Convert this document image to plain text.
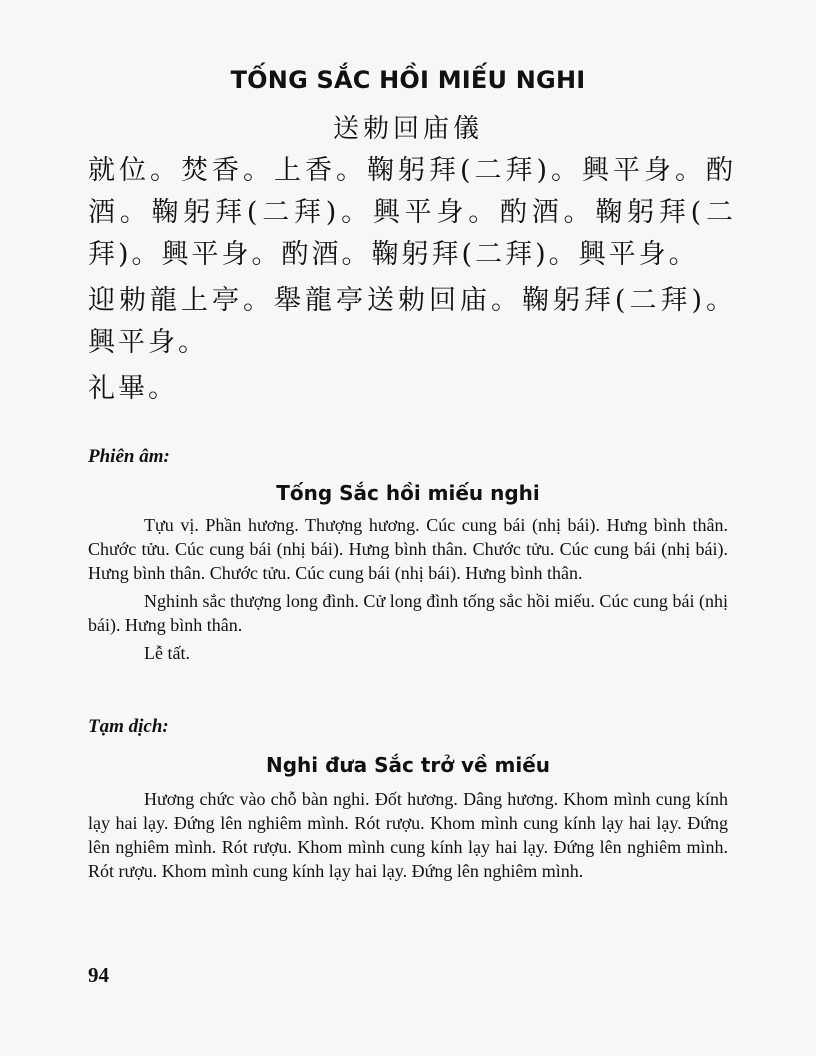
TỐNG SẮC HỒI MIẾU NGHI
送勅回庙儀

就位。焚香。上香。鞠躬拜(二拜)。興平身。酌酒。鞠躬拜(二拜)。興平身。酌酒。鞠躬拜(二拜)。興平身。酌酒。鞠躬拜(二拜)。興平身。

迎勅龍上亭。舉龍亭送勅回庙。鞠躬拜(二拜)。興平身。

礼畢。

Phiên âm:
Tống Sắc hồi miếu nghi

Tựu vị. Phần hương. Thượng hương. Cúc cung bái (nhị bái). Hưng bình thân. Chước tửu. Cúc cung bái (nhị bái). Hưng bình thân. Chước tửu. Cúc cung bái (nhị bái). Hưng bình thân. Chước tửu. Cúc cung bái (nhị bái). Hưng bình thân.

Nghinh sắc thượng long đình. Cử long đình tống sắc hồi miếu. Cúc cung bái (nhị bái). Hưng bình thân.

Lễ tất.

Tạm dịch:
Nghi đưa Sắc trở về miếu

Hương chức vào chỗ bàn nghi. Đốt hương. Dâng hương. Khom mình cung kính lạy hai lạy. Đứng lên nghiêm mình. Rót rượu. Khom mình cung kính lạy hai lạy. Đứng lên nghiêm mình. Rót rượu. Khom mình cung kính lạy hai lạy. Đứng lên nghiêm mình. Rót rượu. Khom mình cung kính lạy hai lạy. Đứng lên nghiêm mình.

94
